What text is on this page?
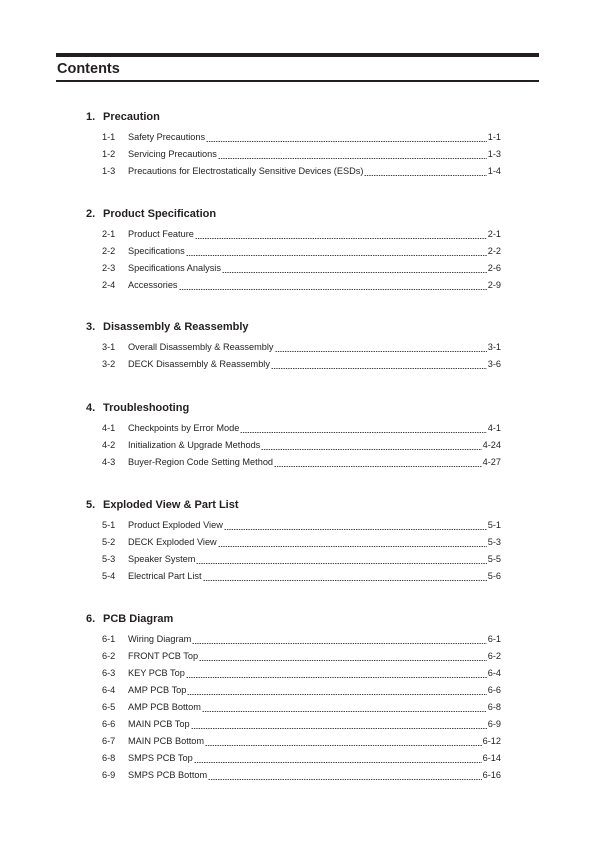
Contents
1. Precaution
1-1	Safety Precautions	1-1
1-2	Servicing Precautions	1-3
1-3	Precautions for Electrostatically Sensitive Devices (ESDs)	1-4
2. Product Specification
2-1	Product Feature	2-1
2-2	Specifications	2-2
2-3	Specifications Analysis	2-6
2-4	Accessories	2-9
3. Disassembly & Reassembly
3-1	Overall Disassembly & Reassembly	3-1
3-2	DECK Disassembly & Reassembly	3-6
4. Troubleshooting
4-1	Checkpoints by Error Mode	4-1
4-2	Initialization & Upgrade Methods	4-24
4-3	Buyer-Region Code Setting Method	4-27
5. Exploded View & Part List
5-1	Product Exploded View	5-1
5-2	DECK Exploded View	5-3
5-3	Speaker System	5-5
5-4	Electrical Part List	5-6
6. PCB Diagram
6-1	Wiring Diagram	6-1
6-2	FRONT PCB Top	6-2
6-3	KEY PCB Top	6-4
6-4	AMP PCB Top	6-6
6-5	AMP PCB Bottom	6-8
6-6	MAIN PCB Top	6-9
6-7	MAIN PCB Bottom	6-12
6-8	SMPS PCB Top	6-14
6-9	SMPS PCB Bottom	6-16
